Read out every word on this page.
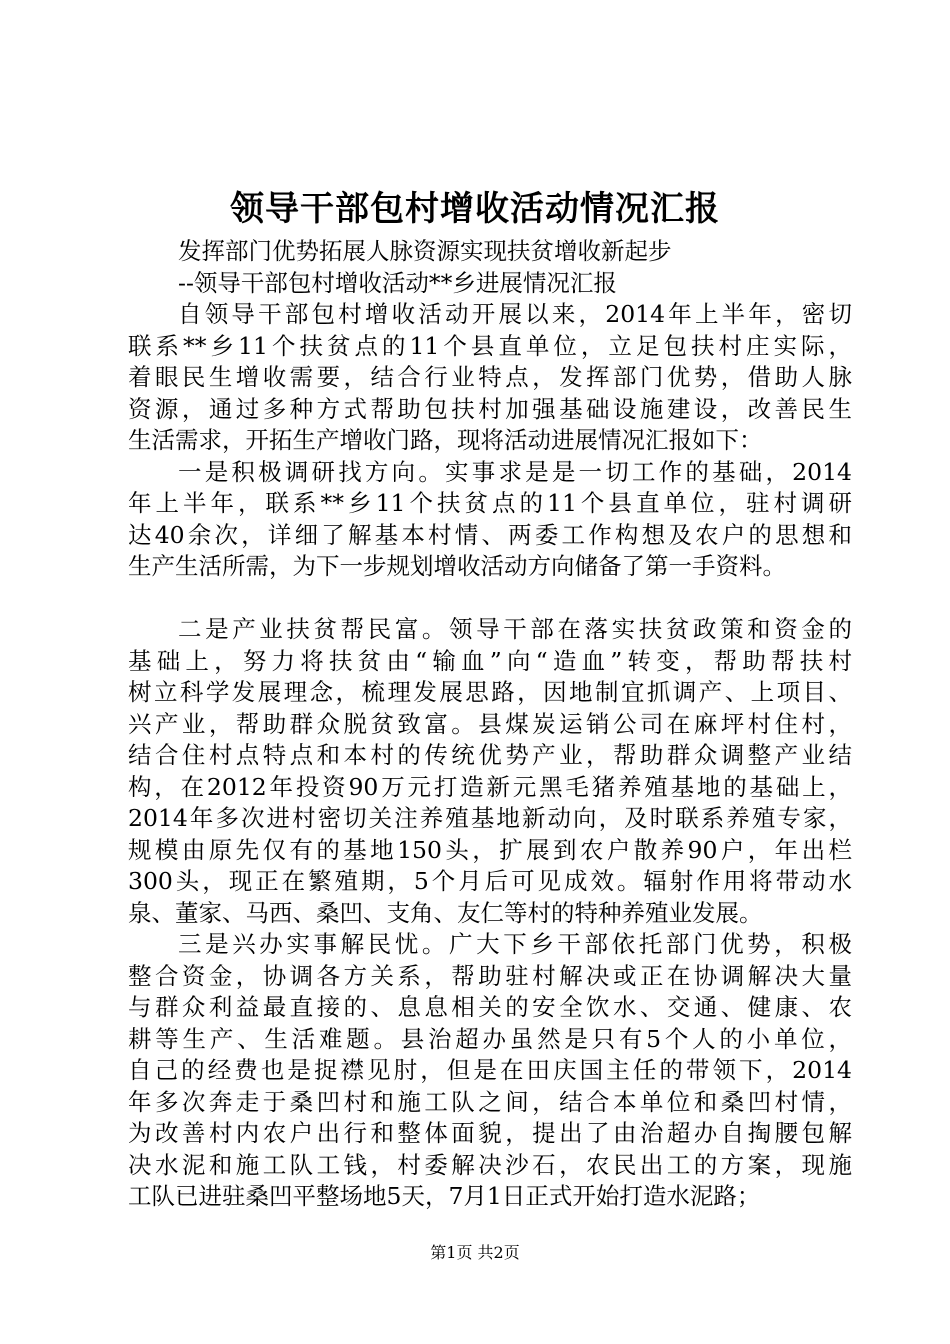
领导干部包村增收活动情况汇报
发挥部门优势拓展人脉资源实现扶贫增收新起步
--领导干部包村增收活动**乡进展情况汇报
自领导干部包村增收活动开展以来，2014年上半年，密切
联系**乡11个扶贫点的11个县直单位，立足包扶村庄实际，
着眼民生增收需要，结合行业特点，发挥部门优势，借助人脉
资源，通过多种方式帮助包扶村加强基础设施建设，改善民生
生活需求，开拓生产增收门路，现将活动进展情况汇报如下：
一是积极调研找方向。实事求是是一切工作的基础，2014
年上半年，联系**乡11个扶贫点的11个县直单位，驻村调研
达40余次，详细了解基本村情、两委工作构想及农户的思想和
生产生活所需，为下一步规划增收活动方向储备了第一手资料。
二是产业扶贫帮民富。领导干部在落实扶贫政策和资金的
基础上，努力将扶贫由“输血”向“造血”转变，帮助帮扶村
树立科学发展理念，梳理发展思路，因地制宜抓调产、上项目、
兴产业，帮助群众脱贫致富。县煤炭运销公司在麻坪村住村，
结合住村点特点和本村的传统优势产业，帮助群众调整产业结
构，在2012年投资90万元打造新元黑毛猪养殖基地的基础上，
2014年多次进村密切关注养殖基地新动向，及时联系养殖专家，
规模由原先仅有的基地150头，扩展到农户散养90户，年出栏
300头，现正在繁殖期，5个月后可见成效。辐射作用将带动水
泉、董家、马西、桑凹、支角、友仁等村的特种养殖业发展。
三是兴办实事解民忧。广大下乡干部依托部门优势，积极
整合资金，协调各方关系，帮助驻村解决或正在协调解决大量
与群众利益最直接的、息息相关的安全饮水、交通、健康、农
耕等生产、生活难题。县治超办虽然是只有5个人的小单位，
自己的经费也是捉襟见肘，但是在田庆国主任的带领下，2014
年多次奔走于桑凹村和施工队之间，结合本单位和桑凹村情，
为改善村内农户出行和整体面貌，提出了由治超办自掏腰包解
决水泥和施工队工钱，村委解决沙石，农民出工的方案，现施
工队已进驻桑凹平整场地5天，7月1日正式开始打造水泥路；
第1页 共2页
